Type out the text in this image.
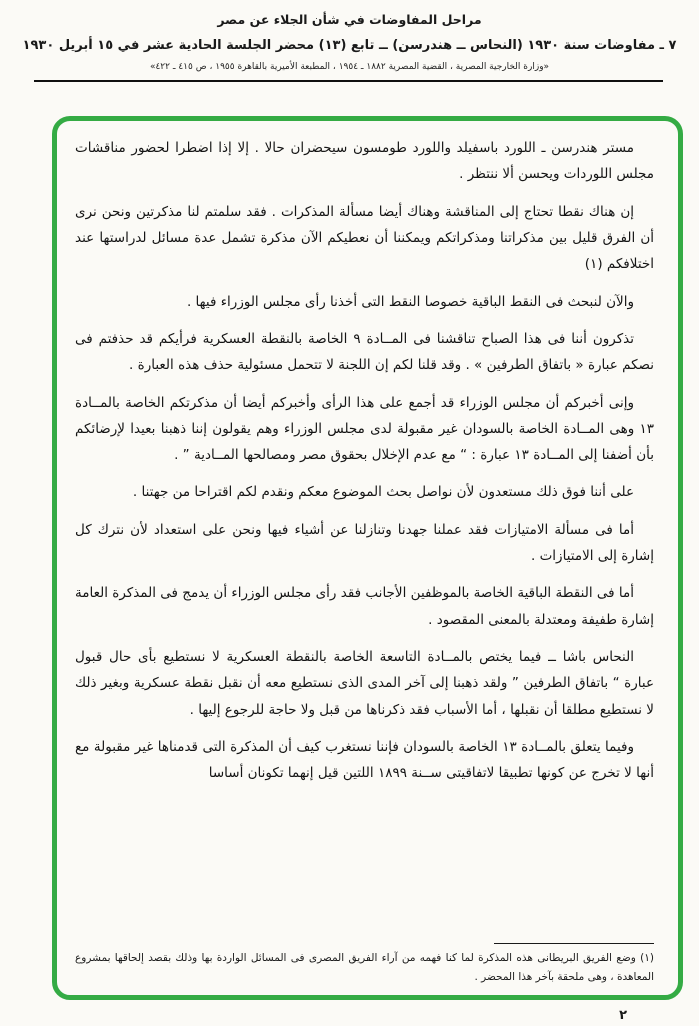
مراحل المفاوضات في شأن الجلاء عن مصر
٧ ـ مفاوضات سنة ١٩٣٠ (النحاس ــ هندرسن) ــ تابع (١٣) محضر الجلسة الحادية عشر في ١٥ أبريل ١٩٣٠
«وزارة الخارجية المصرية ، القضية المصرية ١٨٨٢ ـ ١٩٥٤ ، المطبعة الأميرية بالقاهرة ١٩٥٥ ، ص ٤١٥ ـ ٤٢٢»

مستر هندرسن ـ اللورد باسفيلد واللورد طومسون سيحضران حالا . إلا إذا اضطرا لحضور مناقشات مجلس اللوردات ويحسن ألا ننتظر .

إن هناك نقطا تحتاج إلى المناقشة وهناك أيضا مسألة المذكرات . فقد سلمتم لنا مذكرتين ونحن نرى أن الفرق قليل بين مذكراتنا ومذكراتكم ويمكننا أن نعطيكم الآن مذكرة تشمل عدة مسائل لدراستها عند اختلافكم (١)

والآن لنبحث فى النقط الباقية خصوصا النقط التى أخذنا رأى مجلس الوزراء فيها .

تذكرون أننا فى هذا الصباح تناقشنا فى المــادة ٩ الخاصة بالنقطة العسكرية فرأيكم قد حذفتم فى نصكم عبارة « باتفاق الطرفين » . وقد قلنا لكم إن اللجنة لا تتحمل مسئولية حذف هذه العبارة .

وإنى أخبركم أن مجلس الوزراء قد أجمع على هذا الرأى وأخبركم أيضا أن مذكرتكم الخاصة بالمــادة ١٣ وهى المــادة الخاصة بالسودان غير مقبولة لدى مجلس الوزراء وهم يقولون إننا ذهبنا بعيدا لإرضائكم بأن أضفنا إلى المــادة ١٣ عبارة : “ مع عدم الإخلال بحقوق مصر ومصالحها المــادية ” .

على أننا فوق ذلك مستعدون لأن نواصل بحث الموضوع معكم ونقدم لكم اقتراحا من جهتنا .

أما فى مسألة الامتيازات فقد عملنا جهدنا وتنازلنا عن أشياء فيها ونحن على استعداد لأن نترك كل إشارة إلى الامتيازات .

أما فى النقطة الباقية الخاصة بالموظفين الأجانب فقد رأى مجلس الوزراء أن يدمج فى المذكرة العامة إشارة طفيفة ومعتدلة بالمعنى المقصود .

النحاس باشا ــ فيما يختص بالمــادة التاسعة الخاصة بالنقطة العسكرية لا نستطيع بأى حال قبول عبارة “ باتفاق الطرفين ” ولقد ذهبنا إلى آخر المدى الذى نستطيع معه أن نقبل نقطة عسكرية وبغير ذلك لا نستطيع مطلقا أن نقبلها ، أما الأسباب فقد ذكرناها من قبل ولا حاجة للرجوع إليها .

وفيما يتعلق بالمــادة ١٣ الخاصة بالسودان فإننا نستغرب كيف أن المذكرة التى قدمناها غير مقبولة مع أنها لا تخرج عن كونها تطبيقا لاتفاقيتى ســنة ١٨٩٩ اللتين قيل إنهما تكونان أساسا

(١) وضع الفريق البريطانى هذه المذكرة لما كنا فهمه من آراء الفريق المصرى فى المسائل الواردة بها وذلك بقصد إلحاقها بمشروع المعاهدة ، وهى ملحقة بآخر هذا المحضر .

٢
